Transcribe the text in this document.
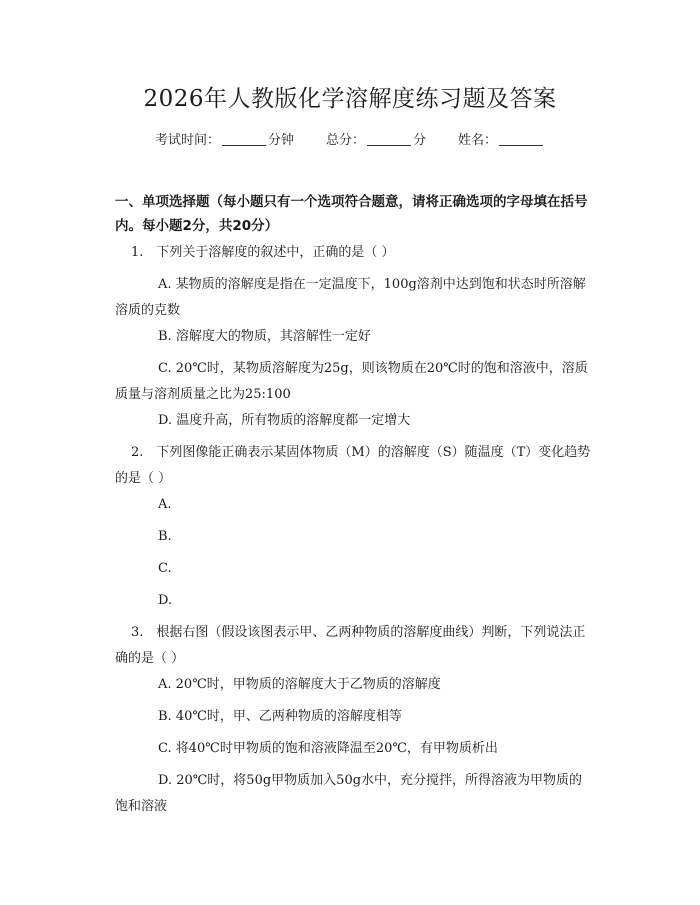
2026年人教版化学溶解度练习题及答案
考试时间：	分钟 总分：	分 姓名：
一、单项选择题（每小题只有一个选项符合题意，请将正确选项的字母填在括号内。每小题2分，共20分）
1.　下列关于溶解度的叙述中，正确的是（ ）
A. 某物质的溶解度是指在一定温度下，100g溶剂中达到饱和状态时所溶解溶质的克数
B. 溶解度大的物质，其溶解性一定好
C. 20℃时，某物质溶解度为25g，则该物质在20℃时的饱和溶液中，溶质质量与溶剂质量之比为25:100
D. 温度升高，所有物质的溶解度都一定增大
2.　下列图像能正确表示某固体物质（M）的溶解度（S）随温度（T）变化趋势的是（ ）
A.
B.
C.
D.
3.　根据右图（假设该图表示甲、乙两种物质的溶解度曲线）判断，下列说法正确的是（ ）
A. 20℃时，甲物质的溶解度大于乙物质的溶解度
B. 40℃时，甲、乙两种物质的溶解度相等
C. 将40℃时甲物质的饱和溶液降温至20℃，有甲物质析出
D. 20℃时，将50g甲物质加入50g水中，充分搅拌，所得溶液为甲物质的饱和溶液
